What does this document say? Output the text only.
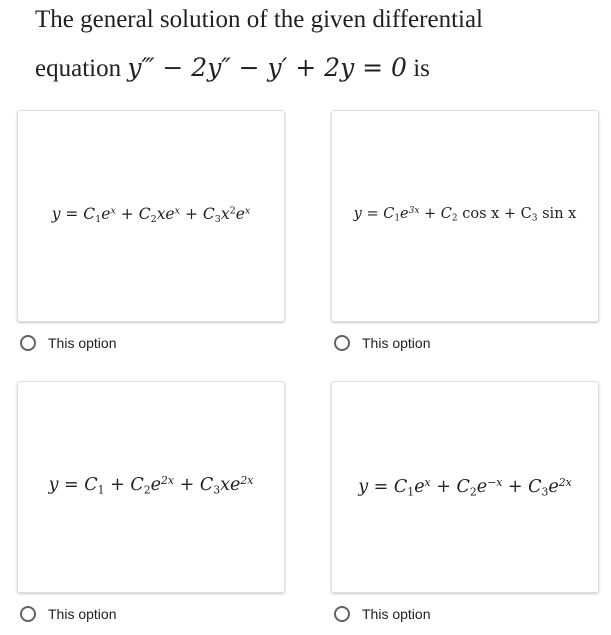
The general solution of the given differential
equation y‴ − 2y″ − y′ + 2y = 0 is
$y = C_1e^x + C_2xe^x + C_3x^2e^x$
This option
$y = C_1e^{3x} + C_2$ $\cos x + C_3$ sin x
This option
$y = C_1 + C_2e^{2x} + C_3xe^{2x}$
This option
$y = C_1e^x + C_2e^{-x} + C_3e^{2x}$
This option
